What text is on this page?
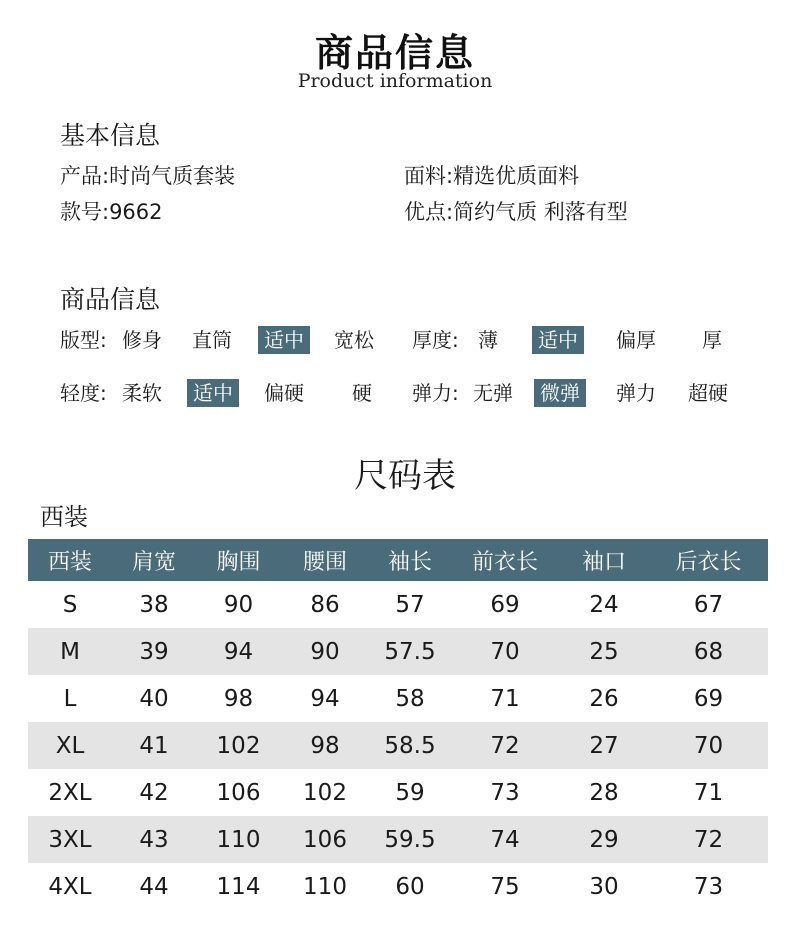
商品信息
Product information
基本信息
产品:时尚气质套装	面料:精选优质面料
款号:9662	优点:简约气质 利落有型
商品信息
版型: 修身 直筒	适中	宽松 厚度: 薄	适中	偏厚 厚
轻度: 柔软	适中	偏硬 硬 弹力: 无弹	微弹	弹力 超硬
尺码表
西装
西装	肩宽	胸围	腰围	袖长	前衣长	袖口	后衣长
S	38	90	86	57	69	24	67
M	39	94	90	57.5	70	25	68
L	40	98	94	58	71	26	69
XL	41	102	98	58.5	72	27	70
2XL	42	106	102	59	73	28	71
3XL	43	110	106	59.5	74	29	72
4XL	44	114	110	60	75	30	73
